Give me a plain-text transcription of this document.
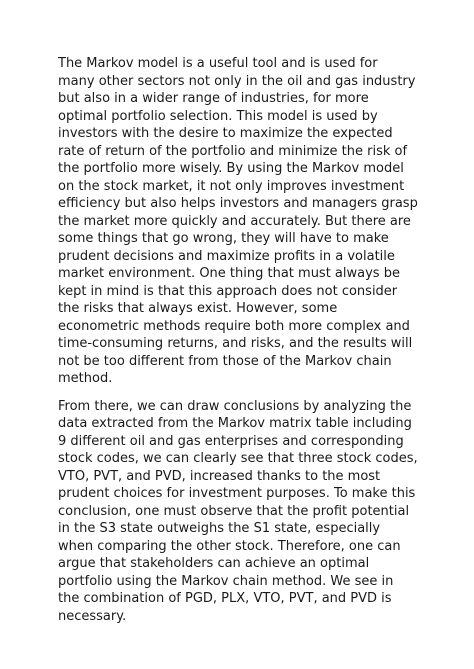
The Markov model is a useful tool and is used for many other sectors not only in the oil and gas industry but also in a wider range of industries, for more optimal portfolio selection. This model is used by investors with the desire to maximize the expected rate of return of the portfolio and minimize the risk of the portfolio more wisely. By using the Markov model on the stock market, it not only improves investment efficiency but also helps investors and managers grasp the market more quickly and accurately. But there are some things that go wrong, they will have to make prudent decisions and maximize profits in a volatile market environment. One thing that must always be kept in mind is that this approach does not consider the risks that always exist. However, some econometric methods require both more complex and time-consuming returns, and risks, and the results will not be too different from those of the Markov chain method.

From there, we can draw conclusions by analyzing the data extracted from the Markov matrix table including 9 different oil and gas enterprises and corresponding stock codes, we can clearly see that three stock codes, VTO, PVT, and PVD, increased thanks to the most prudent choices for investment purposes. To make this conclusion, one must observe that the profit potential in the S3 state outweighs the S1 state, especially when comparing the other stock. Therefore, one can argue that stakeholders can achieve an optimal portfolio using the Markov chain method. We see in the combination of PGD, PLX, VTO, PVT, and PVD is necessary.
